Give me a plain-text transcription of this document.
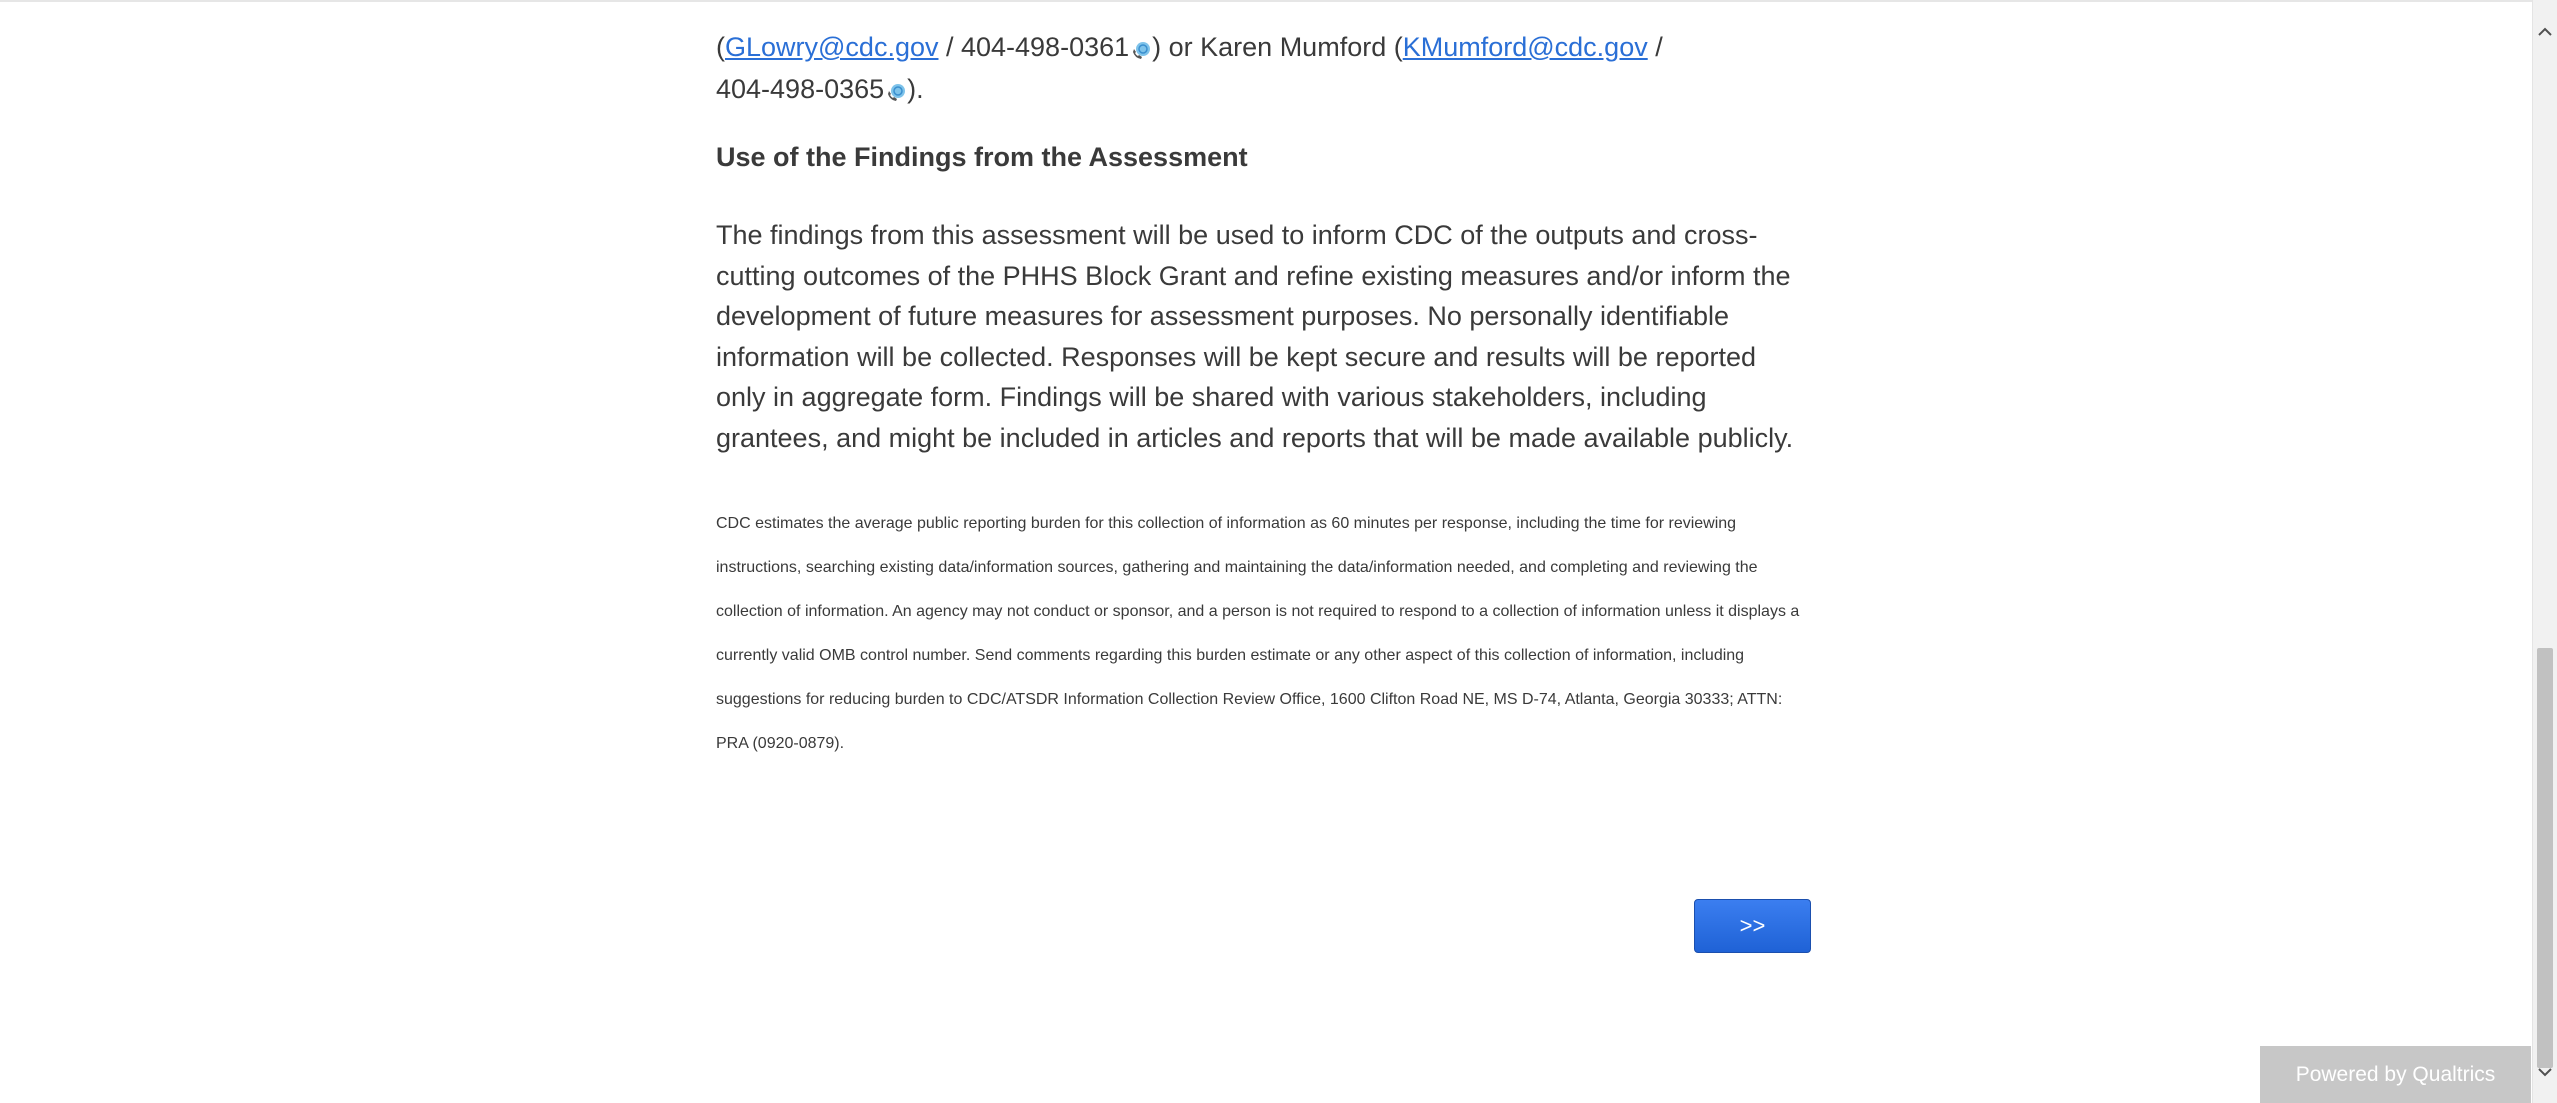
(GLowry@cdc.gov / 404-498-0361 ) or Karen Mumford (KMumford@cdc.gov /
404-498-0365 ).
Use of the Findings from the Assessment

The findings from this assessment will be used to inform CDC of the outputs and cross-cutting outcomes of the PHHS Block Grant and refine existing measures and/or inform the development of future measures for assessment purposes. No personally identifiable information will be collected. Responses will be kept secure and results will be reported only in aggregate form. Findings will be shared with various stakeholders, including grantees, and might be included in articles and reports that will be made available publicly.

CDC estimates the average public reporting burden for this collection of information as 60 minutes per response, including the time for reviewing instructions, searching existing data/information sources, gathering and maintaining the data/information needed, and completing and reviewing the collection of information. An agency may not conduct or sponsor, and a person is not required to respond to a collection of information unless it displays a currently valid OMB control number. Send comments regarding this burden estimate or any other aspect of this collection of information, including suggestions for reducing burden to CDC/ATSDR Information Collection Review Office, 1600 Clifton Road NE, MS D-74, Atlanta, Georgia 30333; ATTN: PRA (0920-0879).

>>
Powered by Qualtrics
